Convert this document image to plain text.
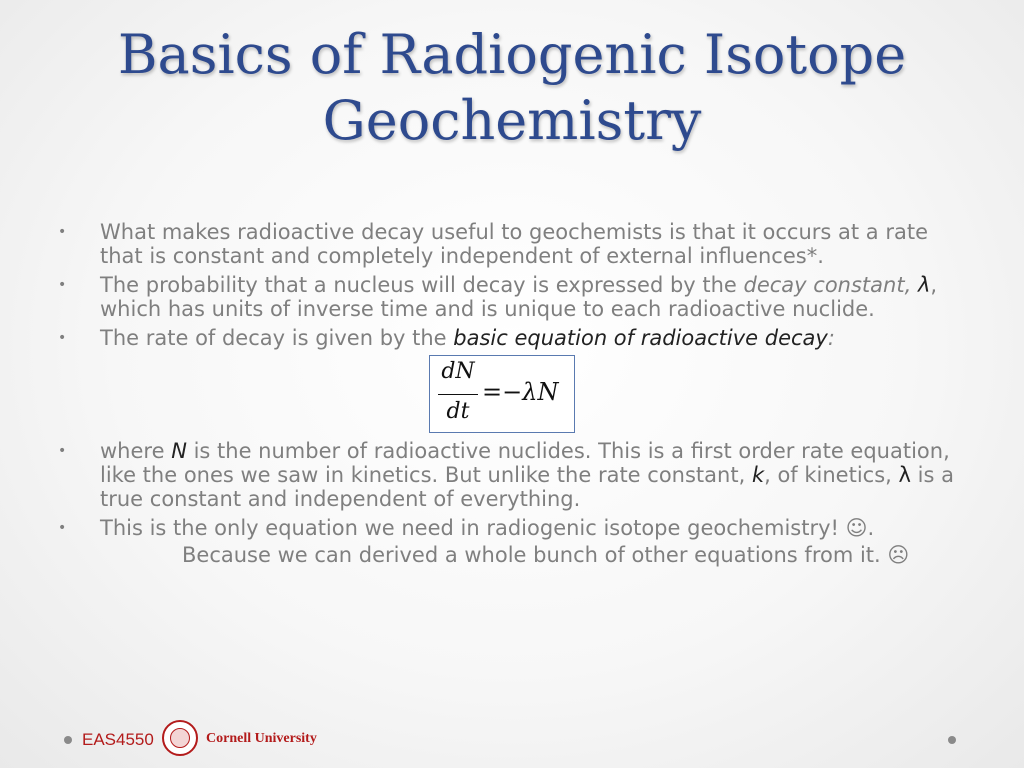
Basics of Radiogenic Isotope
Geochemistry
•	What makes radioactive decay useful to geochemists is that it occurs at a rate that is constant and completely independent of external influences*.
•	The probability that a nucleus will decay is expressed by the decay constant, λ, which has units of inverse time and is unique to each radioactive nuclide.
•	The rate of decay is given by the basic equation of radioactive decay:
dN
dt
=−λN
•	where N is the number of radioactive nuclides. This is a first order rate equation, like the ones we saw in kinetics. But unlike the rate constant, k, of kinetics, λ is a true constant and independent of everything.
•	This is the only equation we need in radiogenic isotope geochemistry! ☺.
Because we can derived a whole bunch of other equations from it. ☹
EAS4550	Cornell University
